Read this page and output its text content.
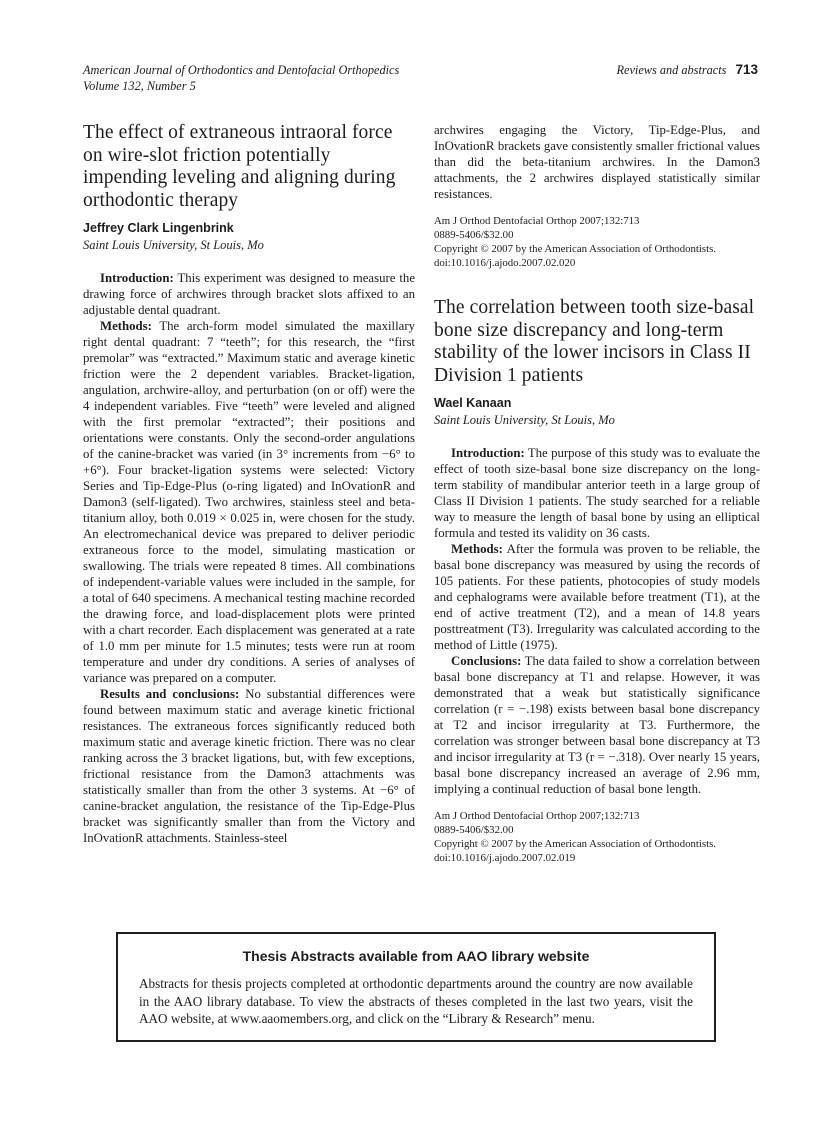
American Journal of Orthodontics and Dentofacial Orthopedics
Volume 132, Number 5
Reviews and abstracts 713
The effect of extraneous intraoral force on wire-slot friction potentially impending leveling and aligning during orthodontic therapy
Jeffrey Clark Lingenbrink
Saint Louis University, St Louis, Mo

Introduction: This experiment was designed to measure the drawing force of archwires through bracket slots affixed to an adjustable dental quadrant.

Methods: The arch-form model simulated the maxillary right dental quadrant: 7 “teeth”; for this research, the “first premolar” was “extracted.” Maximum static and average kinetic friction were the 2 dependent variables. Bracket-ligation, angulation, archwire-alloy, and perturbation (on or off) were the 4 independent variables. Five “teeth” were leveled and aligned with the first premolar “extracted”; their positions and orientations were constants. Only the second-order angulations of the canine-bracket was varied (in 3° increments from −6° to +6°). Four bracket-ligation systems were selected: Victory Series and Tip-Edge-Plus (o-ring ligated) and InOvationR and Damon3 (self-ligated). Two archwires, stainless steel and beta-titanium alloy, both 0.019 × 0.025 in, were chosen for the study. An electromechanical device was prepared to deliver periodic extraneous force to the model, simulating mastication or swallowing. The trials were repeated 8 times. All combinations of independent-variable values were included in the sample, for a total of 640 specimens. A mechanical testing machine recorded the drawing force, and load-displacement plots were printed with a chart recorder. Each displacement was generated at a rate of 1.0 mm per minute for 1.5 minutes; tests were run at room temperature and under dry conditions. A series of analyses of variance was prepared on a computer.

Results and conclusions: No substantial differences were found between maximum static and average kinetic frictional resistances. The extraneous forces significantly reduced both maximum static and average kinetic friction. There was no clear ranking across the 3 bracket ligations, but, with few exceptions, frictional resistance from the Damon3 attachments was statistically smaller than from the other 3 systems. At −6° of canine-bracket angulation, the resistance of the Tip-Edge-Plus bracket was significantly smaller than from the Victory and InOvationR attachments. Stainless-steel

archwires engaging the Victory, Tip-Edge-Plus, and InOvationR brackets gave consistently smaller frictional values than did the beta-titanium archwires. In the Damon3 attachments, the 2 archwires displayed statistically similar resistances.

Am J Orthod Dentofacial Orthop 2007;132:713
0889-5406/$32.00
Copyright © 2007 by the American Association of Orthodontists.
doi:10.1016/j.ajodo.2007.02.020
The correlation between tooth size-basal bone size discrepancy and long-term stability of the lower incisors in Class II Division 1 patients
Wael Kanaan
Saint Louis University, St Louis, Mo

Introduction: The purpose of this study was to evaluate the effect of tooth size-basal bone size discrepancy on the long-term stability of mandibular anterior teeth in a large group of Class II Division 1 patients. The study searched for a reliable way to measure the length of basal bone by using an elliptical formula and tested its validity on 36 casts.

Methods: After the formula was proven to be reliable, the basal bone discrepancy was measured by using the records of 105 patients. For these patients, photocopies of study models and cephalograms were available before treatment (T1), at the end of active treatment (T2), and a mean of 14.8 years posttreatment (T3). Irregularity was calculated according to the method of Little (1975).

Conclusions: The data failed to show a correlation between basal bone discrepancy at T1 and relapse. However, it was demonstrated that a weak but statistically significance correlation (r = −.198) exists between basal bone discrepancy at T2 and incisor irregularity at T3. Furthermore, the correlation was stronger between basal bone discrepancy at T3 and incisor irregularity at T3 (r = −.318). Over nearly 15 years, basal bone discrepancy increased an average of 2.96 mm, implying a continual reduction of basal bone length.

Am J Orthod Dentofacial Orthop 2007;132:713
0889-5406/$32.00
Copyright © 2007 by the American Association of Orthodontists.
doi:10.1016/j.ajodo.2007.02.019
Thesis Abstracts available from AAO library website
Abstracts for thesis projects completed at orthodontic departments around the country are now available in the AAO library database. To view the abstracts of theses completed in the last two years, visit the AAO website, at www.aaomembers.org, and click on the “Library & Research” menu.
